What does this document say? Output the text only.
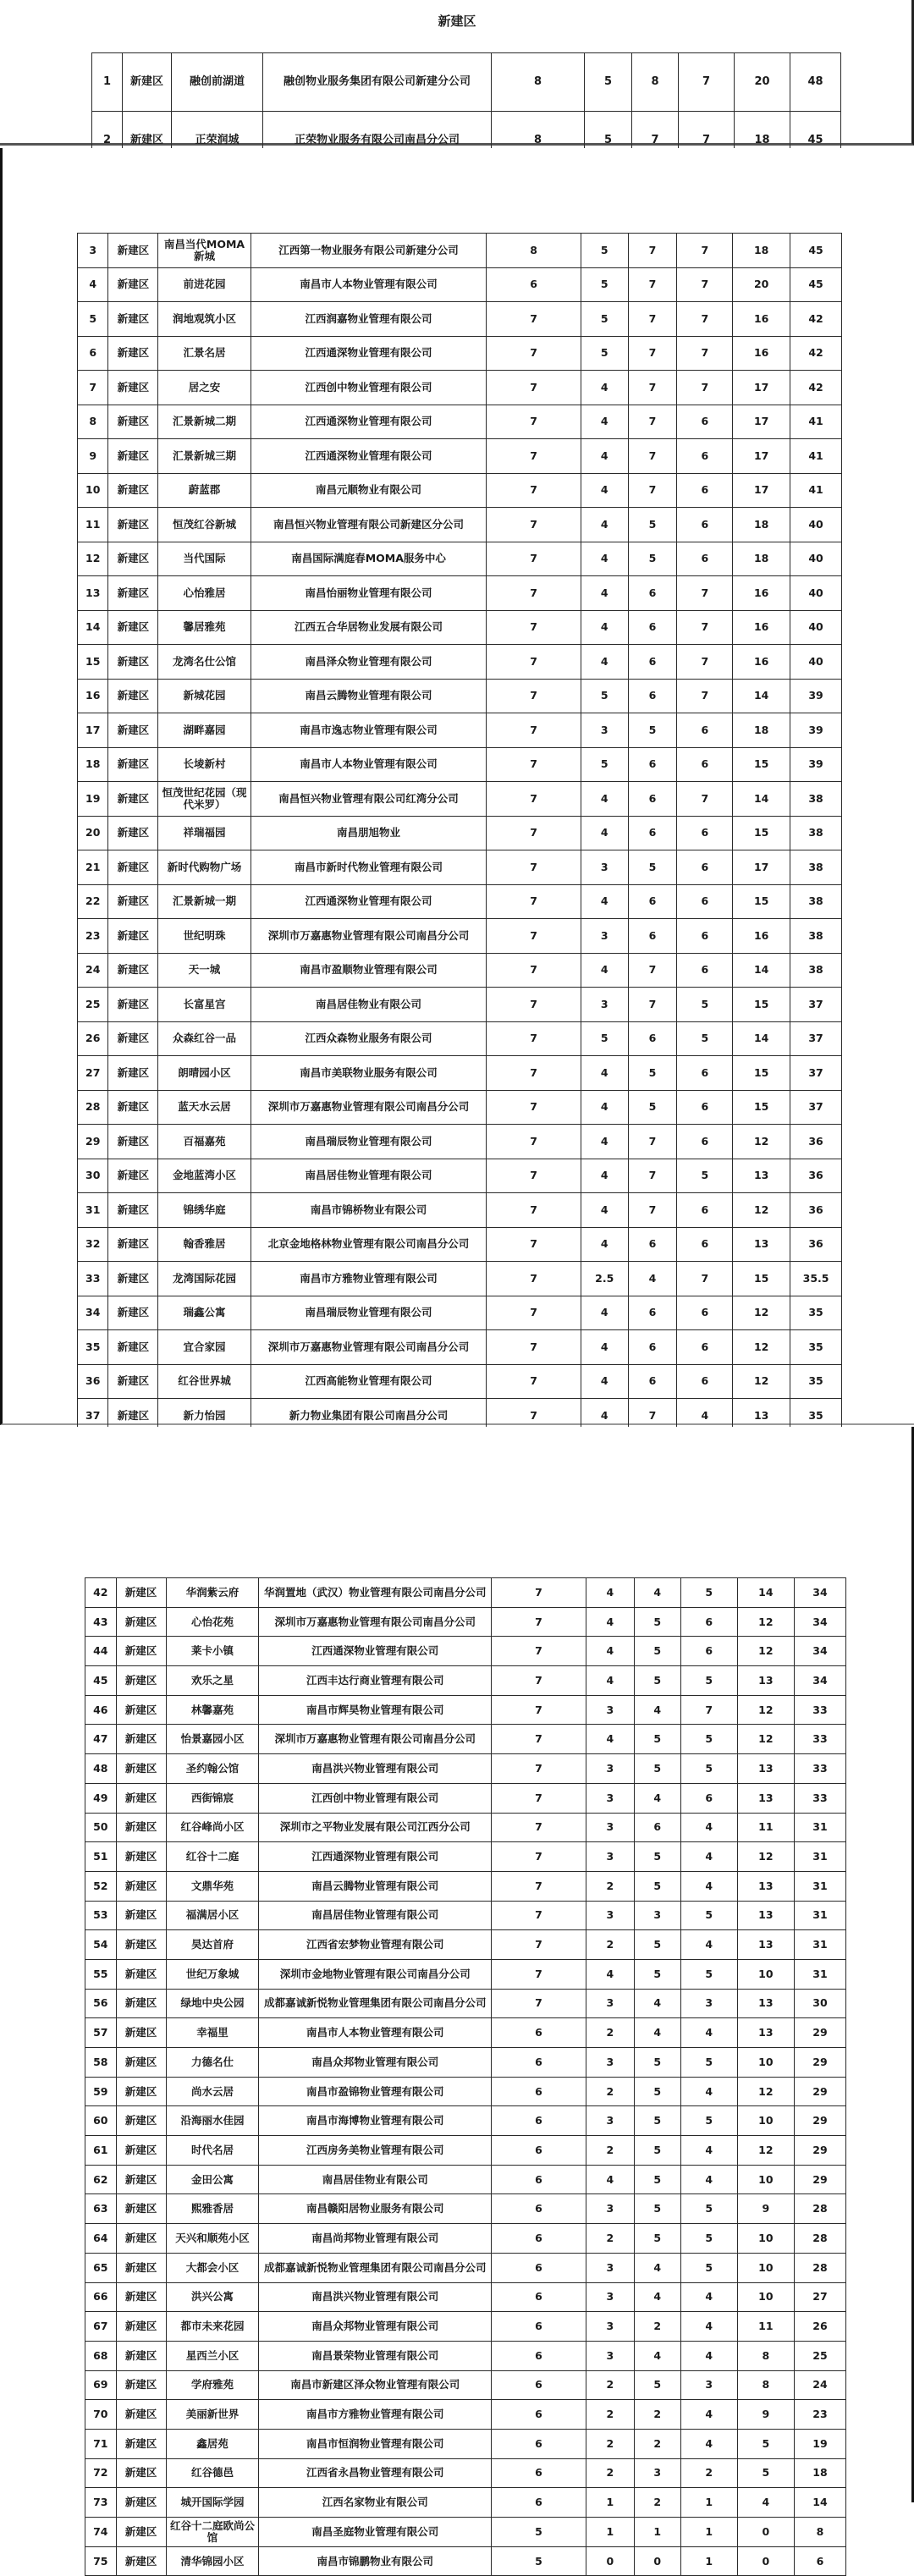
新建区
1	新建区	融创前湖道	融创物业服务集团有限公司新建分公司	8	5	8	7	20	48
2	新建区	正荣润城	正荣物业服务有限公司南昌分公司	8	5	7	7	18	45
3	新建区	南昌当代MOMA新城	江西第一物业服务有限公司新建分公司	8	5	7	7	18	45
4	新建区	前进花园	南昌市人本物业管理有限公司	6	5	7	7	20	45
5	新建区	润地观筑小区	江西润嘉物业管理有限公司	7	5	7	7	16	42
6	新建区	汇景名居	江西通深物业管理有限公司	7	5	7	7	16	42
7	新建区	居之安	江西创中物业管理有限公司	7	4	7	7	17	42
8	新建区	汇景新城二期	江西通深物业管理有限公司	7	4	7	6	17	41
9	新建区	汇景新城三期	江西通深物业管理有限公司	7	4	7	6	17	41
10	新建区	蔚蓝郡	南昌元顺物业有限公司	7	4	7	6	17	41
11	新建区	恒茂红谷新城	南昌恒兴物业管理有限公司新建区分公司	7	4	5	6	18	40
12	新建区	当代国际	南昌国际满庭春MOMA服务中心	7	4	5	6	18	40
13	新建区	心怡雅居	南昌怡丽物业管理有限公司	7	4	6	7	16	40
14	新建区	馨居雅苑	江西五合华居物业发展有限公司	7	4	6	7	16	40
15	新建区	龙湾名仕公馆	南昌泽众物业管理有限公司	7	4	6	7	16	40
16	新建区	新城花园	南昌云腾物业管理有限公司	7	5	6	7	14	39
17	新建区	湖畔嘉园	南昌市逸志物业管理有限公司	7	3	5	6	18	39
18	新建区	长堎新村	南昌市人本物业管理有限公司	7	5	6	6	15	39
19	新建区	恒茂世纪花园（现代米罗）	南昌恒兴物业管理有限公司红湾分公司	7	4	6	7	14	38
20	新建区	祥瑞福园	南昌朋旭物业	7	4	6	6	15	38
21	新建区	新时代购物广场	南昌市新时代物业管理有限公司	7	3	5	6	17	38
22	新建区	汇景新城一期	江西通深物业管理有限公司	7	4	6	6	15	38
23	新建区	世纪明珠	深圳市万嘉惠物业管理有限公司南昌分公司	7	3	6	6	16	38
24	新建区	天一城	南昌市盈顺物业管理有限公司	7	4	7	6	14	38
25	新建区	长富星宫	南昌居佳物业有限公司	7	3	7	5	15	37
26	新建区	众森红谷一品	江西众森物业服务有限公司	7	5	6	5	14	37
27	新建区	朗晴园小区	南昌市美联物业服务有限公司	7	4	5	6	15	37
28	新建区	蓝天水云居	深圳市万嘉惠物业管理有限公司南昌分公司	7	4	5	6	15	37
29	新建区	百福嘉苑	南昌瑞辰物业管理有限公司	7	4	7	6	12	36
30	新建区	金地蓝湾小区	南昌居佳物业管理有限公司	7	4	7	5	13	36
31	新建区	锦绣华庭	南昌市锦桥物业有限公司	7	4	7	6	12	36
32	新建区	翰香雅居	北京金地格林物业管理有限公司南昌分公司	7	4	6	6	13	36
33	新建区	龙湾国际花园	南昌市方雅物业管理有限公司	7	2.5	4	7	15	35.5
34	新建区	瑞鑫公寓	南昌瑞辰物业管理有限公司	7	4	6	6	12	35
35	新建区	宜合家园	深圳市万嘉惠物业管理有限公司南昌分公司	7	4	6	6	12	35
36	新建区	红谷世界城	江西高能物业管理有限公司	7	4	6	6	12	35
37	新建区	新力怡园	新力物业集团有限公司南昌分公司	7	4	7	4	13	35

42	新建区	华润紫云府	华润置地（武汉）物业管理有限公司南昌分公司	7	4	4	5	14	34
43	新建区	心怡花苑	深圳市万嘉惠物业管理有限公司南昌分公司	7	4	5	6	12	34
44	新建区	莱卡小镇	江西通深物业管理有限公司	7	4	5	6	12	34
45	新建区	欢乐之星	江西丰达行商业管理有限公司	7	4	5	5	13	34
46	新建区	林馨嘉苑	南昌市辉昊物业管理有限公司	7	3	4	7	12	33
47	新建区	怡景嘉园小区	深圳市万嘉惠物业管理有限公司南昌分公司	7	4	5	5	12	33
48	新建区	圣约翰公馆	南昌洪兴物业管理有限公司	7	3	5	5	13	33
49	新建区	西街锦宸	江西创中物业管理有限公司	7	3	4	6	13	33
50	新建区	红谷峰尚小区	深圳市之平物业发展有限公司江西分公司	7	3	6	4	11	31
51	新建区	红谷十二庭	江西通深物业管理有限公司	7	3	5	4	12	31
52	新建区	文鼎华苑	南昌云腾物业管理有限公司	7	2	5	4	13	31
53	新建区	福满居小区	南昌居佳物业管理有限公司	7	3	3	5	13	31
54	新建区	昊达首府	江西省宏梦物业管理有限公司	7	2	5	4	13	31
55	新建区	世纪万象城	深圳市金地物业管理有限公司南昌分公司	7	4	5	5	10	31
56	新建区	绿地中央公园	成都嘉诚新悦物业管理集团有限公司南昌分公司	7	3	4	3	13	30
57	新建区	幸福里	南昌市人本物业管理有限公司	6	2	4	4	13	29
58	新建区	力德名仕	南昌众邦物业管理有限公司	6	3	5	5	10	29
59	新建区	尚水云居	南昌市盈锦物业管理有限公司	6	2	5	4	12	29
60	新建区	沿海丽水佳园	南昌市海博物业管理有限公司	6	3	5	5	10	29
61	新建区	时代名居	江西房务美物业管理有限公司	6	2	5	4	12	29
62	新建区	金田公寓	南昌居佳物业有限公司	6	4	5	4	10	29
63	新建区	熙雅香居	南昌赣阳居物业服务有限公司	6	3	5	5	9	28
64	新建区	天兴和顺苑小区	南昌尚邦物业管理有限公司	6	2	5	5	10	28
65	新建区	大都会小区	成都嘉诚新悦物业管理集团有限公司南昌分公司	6	3	4	5	10	28
66	新建区	洪兴公寓	南昌洪兴物业管理有限公司	6	3	4	4	10	27
67	新建区	都市未来花园	南昌众邦物业管理有限公司	6	3	2	4	11	26
68	新建区	星西兰小区	南昌景荣物业管理有限公司	6	3	4	4	8	25
69	新建区	学府雅苑	南昌市新建区泽众物业管理有限公司	6	2	5	3	8	24
70	新建区	美丽新世界	南昌市方雅物业管理有限公司	6	2	2	4	9	23
71	新建区	鑫居苑	南昌市恒润物业管理有限公司	6	2	2	4	5	19
72	新建区	红谷德邑	江西省永昌物业管理有限公司	6	2	3	2	5	18
73	新建区	城开国际学园	江西名家物业有限公司	6	1	2	1	4	14
74	新建区	红谷十二庭欧尚公馆	南昌圣庭物业管理有限公司	5	1	1	1	0	8
75	新建区	清华锦园小区	南昌市锦鹏物业有限公司	5	0	0	1	0	6
